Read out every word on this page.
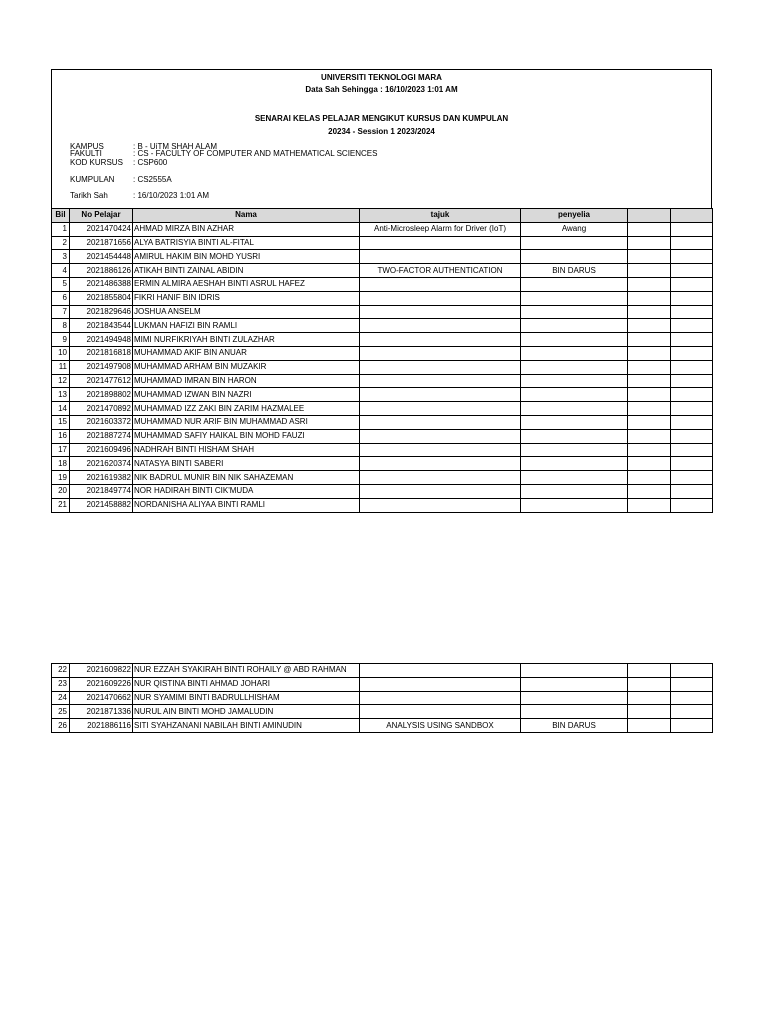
UNIVERSITI TEKNOLOGI MARA
Data Sah Sehingga : 16/10/2023 1:01 AM
SENARAI KELAS PELAJAR MENGIKUT KURSUS DAN KUMPULAN
20234 - Session 1 2023/2024
KAMPUS	: B - UiTM SHAH ALAM
FAKULTI	: CS - FACULTY OF COMPUTER AND MATHEMATICAL SCIENCES
KOD KURSUS : CSP600
KUMPULAN : CS2555A
Tarikh Sah	: 16/10/2023 1:01 AM
Bil	No Pelajar	Nama	tajuk	penyelia		
1	2021470424	AHMAD MIRZA BIN AZHAR	Anti-Microsleep Alarm for Driver (IoT)	Awang		
2	2021871656	ALYA BATRISYIA BINTI AL-FITAL				
3	2021454448	AMIRUL HAKIM BIN MOHD YUSRI				
4	2021886126	ATIKAH BINTI ZAINAL ABIDIN	TWO-FACTOR AUTHENTICATION	BIN DARUS		
5	2021486388	ERMIN ALMIRA AESHAH BINTI ASRUL HAFEZ				
6	2021855804	FIKRI HANIF BIN IDRIS				
7	2021829646	JOSHUA ANSELM				
8	2021843544	LUKMAN HAFIZI BIN RAMLI				
9	2021494948	MIMI NURFIKRIYAH BINTI ZULAZHAR				
10	2021816818	MUHAMMAD AKIF BIN ANUAR				
11	2021497908	MUHAMMAD ARHAM BIN MUZAKIR				
12	2021477612	MUHAMMAD IMRAN BIN HARON				
13	2021898802	MUHAMMAD IZWAN BIN NAZRI				
14	2021470892	MUHAMMAD IZZ ZAKI BIN ZARIM HAZMALEE				
15	2021603372	MUHAMMAD NUR ARIF BIN MUHAMMAD ASRI				
16	2021887274	MUHAMMAD SAFIY HAIKAL BIN MOHD FAUZI				
17	2021609496	NADHRAH BINTI HISHAM SHAH				
18	2021620374	NATASYA BINTI SABERI				
19	2021619382	NIK BADRUL MUNIR BIN NIK SAHAZEMAN				
20	2021849774	NOR HADIRAH BINTI CIK'MUDA				
21	2021458882	NORDANISHA ALIYAA BINTI RAMLI				
22	2021609822	NUR EZZAH SYAKIRAH BINTI ROHAILY @ ABD RAHMAN				
23	2021609226	NUR QISTINA BINTI AHMAD JOHARI				
24	2021470662	NUR SYAMIMI BINTI BADRULLHISHAM				
25	2021871336	NURUL AIN BINTI MOHD JAMALUDIN				
26	2021886116	SITI SYAHZANANI NABILAH BINTI AMINUDIN	ANALYSIS USING SANDBOX	BIN DARUS		
